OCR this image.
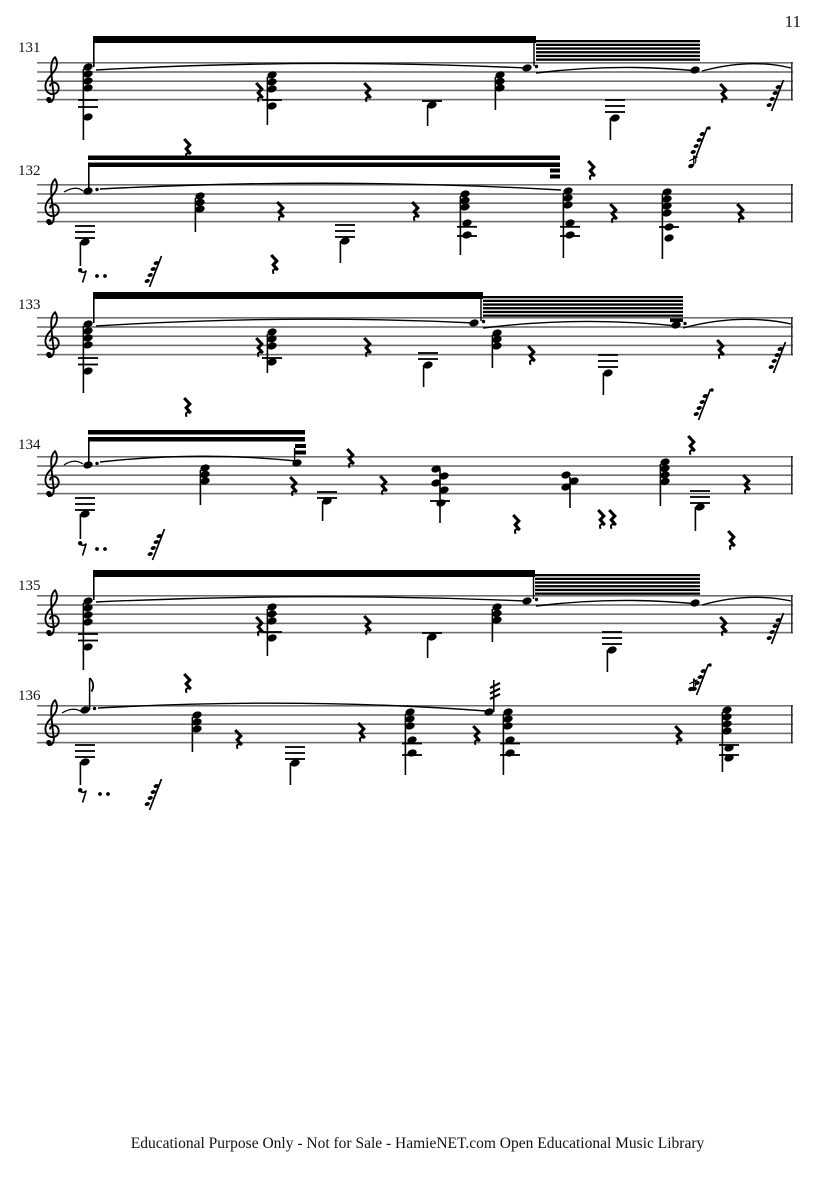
11
131
132
133
134
135
136
Educational Purpose Only - Not for Sale - HamieNET.com Open Educational Music Library
